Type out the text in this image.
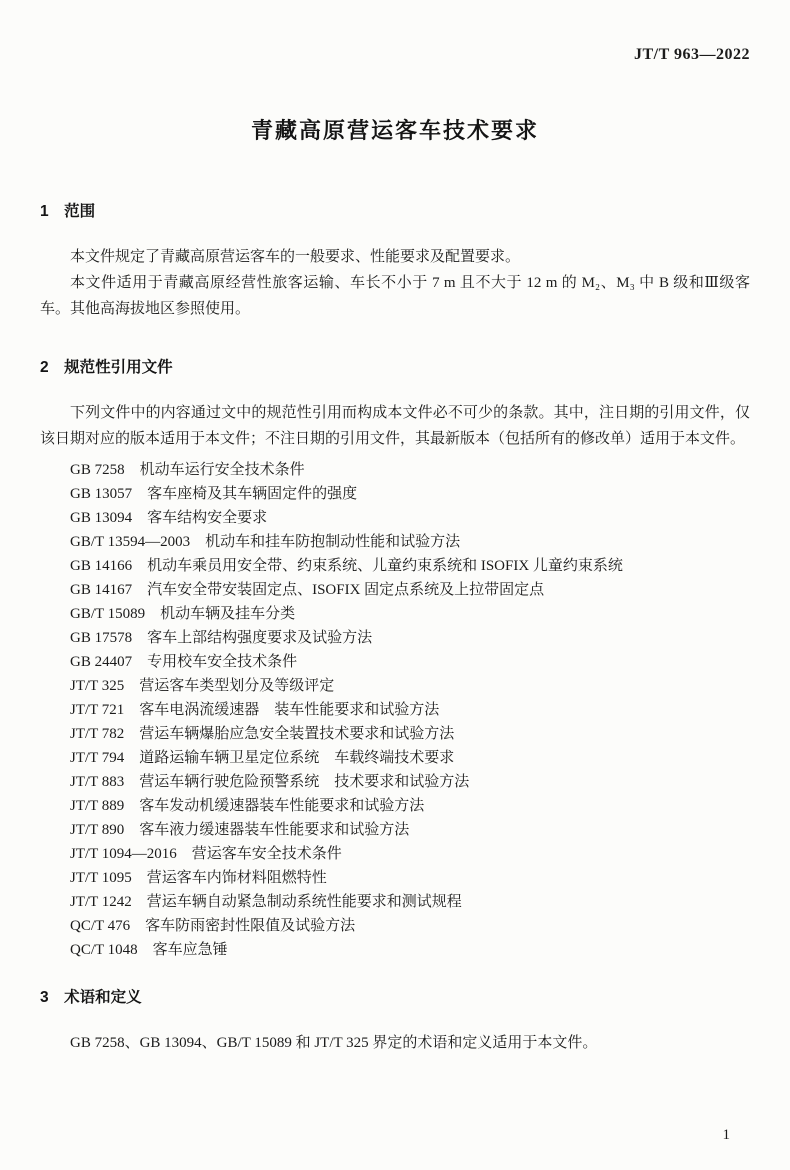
JT/T 963—2022
青藏高原营运客车技术要求
1　范围

本文件规定了青藏高原营运客车的一般要求、性能要求及配置要求。

本文件适用于青藏高原经营性旅客运输、车长不小于 7 m 且不大于 12 m 的 M₂、M₃ 中 B 级和Ⅲ级客车。其他高海拔地区参照使用。

2　规范性引用文件

下列文件中的内容通过文中的规范性引用而构成本文件必不可少的条款。其中，注日期的引用文件，仅该日期对应的版本适用于本文件；不注日期的引用文件，其最新版本（包括所有的修改单）适用于本文件。

GB 7258　机动车运行安全技术条件

GB 13057　客车座椅及其车辆固定件的强度

GB 13094　客车结构安全要求

GB/T 13594—2003　机动车和挂车防抱制动性能和试验方法

GB 14166　机动车乘员用安全带、约束系统、儿童约束系统和 ISOFIX 儿童约束系统

GB 14167　汽车安全带安装固定点、ISOFIX 固定点系统及上拉带固定点

GB/T 15089　机动车辆及挂车分类

GB 17578　客车上部结构强度要求及试验方法

GB 24407　专用校车安全技术条件

JT/T 325　营运客车类型划分及等级评定

JT/T 721　客车电涡流缓速器　装车性能要求和试验方法

JT/T 782　营运车辆爆胎应急安全装置技术要求和试验方法

JT/T 794　道路运输车辆卫星定位系统　车载终端技术要求

JT/T 883　营运车辆行驶危险预警系统　技术要求和试验方法

JT/T 889　客车发动机缓速器装车性能要求和试验方法

JT/T 890　客车液力缓速器装车性能要求和试验方法

JT/T 1094—2016　营运客车安全技术条件

JT/T 1095　营运客车内饰材料阻燃特性

JT/T 1242　营运车辆自动紧急制动系统性能要求和测试规程

QC/T 476　客车防雨密封性限值及试验方法

QC/T 1048　客车应急锤

3　术语和定义

GB 7258、GB 13094、GB/T 15089 和 JT/T 325 界定的术语和定义适用于本文件。

1
